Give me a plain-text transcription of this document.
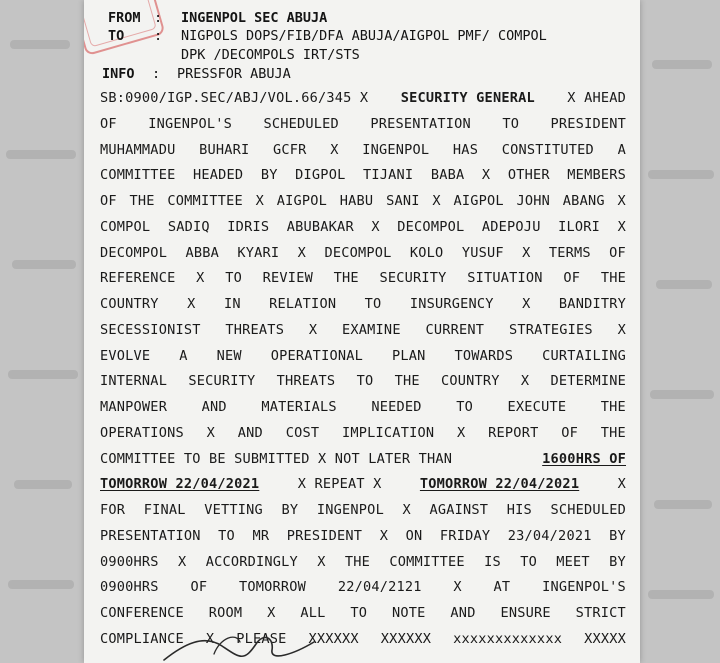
FROM : INGENPOL SEC ABUJA
TO : NIGPOLS DOPS/FIB/DFA ABUJA/AIGPOL PMF/ COMPOL
DPK /DECOMPOLS IRT/STS
INFO : PRESSFOR ABUJA
SB:0900/IGP.SEC/ABJ/VOL.66/345 X SECURITY GENERAL X AHEAD
OF INGENPOL'S SCHEDULED PRESENTATION TO PRESIDENT
MUHAMMADU BUHARI GCFR X INGENPOL HAS CONSTITUTED A
COMMITTEE HEADED BY DIGPOL TIJANI BABA X OTHER MEMBERS
OF THE COMMITTEE X AIGPOL HABU SANI X AIGPOL JOHN ABANG X
COMPOL SADIQ IDRIS ABUBAKAR X DECOMPOL ADEPOJU ILORI X
DECOMPOL ABBA KYARI X DECOMPOL KOLO YUSUF X TERMS OF
REFERENCE X TO REVIEW THE SECURITY SITUATION OF THE
COUNTRY X IN RELATION TO INSURGENCY X BANDITRY
SECESSIONIST THREATS X EXAMINE CURRENT STRATEGIES X
EVOLVE A NEW OPERATIONAL PLAN TOWARDS CURTAILING
INTERNAL SECURITY THREATS TO THE COUNTRY X DETERMINE
MANPOWER	AND	MATERIALS	NEEDED	TO	EXECUTE	THE
OPERATIONS X AND COST IMPLICATION X REPORT OF THE
COMMITTEE TO BE SUBMITTED X NOT LATER THAN	1600HRS OF
TOMORROW 22/04/2021	X REPEAT X	TOMORROW 22/04/2021	X
FOR FINAL VETTING BY INGENPOL X AGAINST HIS SCHEDULED
PRESENTATION TO MR PRESIDENT X ON FRIDAY 23/04/2021 BY
0900HRS X ACCORDINGLY X THE COMMITTEE IS TO MEET BY
0900HRS OF TOMORROW 22/04/2121 X AT INGENPOL'S
CONFERENCE ROOM X ALL TO NOTE AND ENSURE STRICT
COMPLIANCE X PLEASE XXXXXX XXXXXX xxxxxxxxxxxxx XXXXX
